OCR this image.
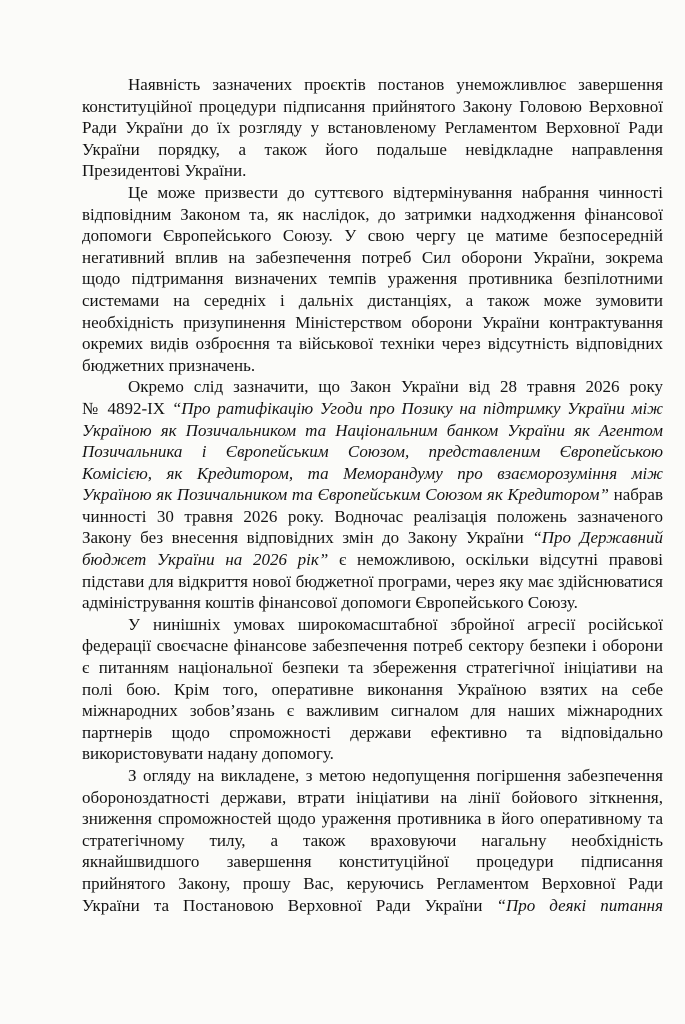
Наявність зазначених проєктів постанов унеможливлює завершення
конституційної процедури підписання прийнятого Закону Головою Верховної
Ради України до їх розгляду у встановленому Регламентом Верховної Ради
України порядку, а також його подальше невідкладне направлення
Президентові України.
Це може призвести до суттєвого відтермінування набрання чинності
відповідним Законом та, як наслідок, до затримки надходження фінансової
допомоги Європейського Союзу. У свою чергу це матиме безпосередній
негативний вплив на забезпечення потреб Сил оборони України, зокрема
щодо підтримання визначених темпів ураження противника безпілотними
системами на середніх і дальніх дистанціях, а також може зумовити
необхідність призупинення Міністерством оборони України контрактування
окремих видів озброєння та військової техніки через відсутність відповідних
бюджетних призначень.
Окремо слід зазначити, що Закон України від 28 травня 2026 року
№ 4892-IX “Про ратифікацію Угоди про Позику на підтримку України між
Україною як Позичальником та Національним банком України як Агентом
Позичальника і Європейським Союзом, представленим Європейською
Комісією, як Кредитором, та Меморандуму про взаєморозуміння між
Україною як Позичальником та Європейським Союзом як Кредитором” набрав
чинності 30 травня 2026 року. Водночас реалізація положень зазначеного
Закону без внесення відповідних змін до Закону України “Про Державний
бюджет України на 2026 рік” є неможливою, оскільки відсутні правові
підстави для відкриття нової бюджетної програми, через яку має здійснюватися
адміністрування коштів фінансової допомоги Європейського Союзу.
У нинішніх умовах широкомасштабної збройної агресії російської
федерації своєчасне фінансове забезпечення потреб сектору безпеки і оборони
є питанням національної безпеки та збереження стратегічної ініціативи на
полі бою. Крім того, оперативне виконання Україною взятих на себе
міжнародних зобов’язань є важливим сигналом для наших міжнародних
партнерів щодо спроможності держави ефективно та відповідально
використовувати надану допомогу.
З огляду на викладене, з метою недопущення погіршення забезпечення
обороноздатності держави, втрати ініціативи на лінії бойового зіткнення,
зниження спроможностей щодо ураження противника в його оперативному та
стратегічному тилу, а також враховуючи нагальну необхідність
якнайшвидшого завершення конституційної процедури підписання
прийнятого Закону, прошу Вас, керуючись Регламентом Верховної Ради
України та Постановою Верховної Ради України “Про деякі питання
